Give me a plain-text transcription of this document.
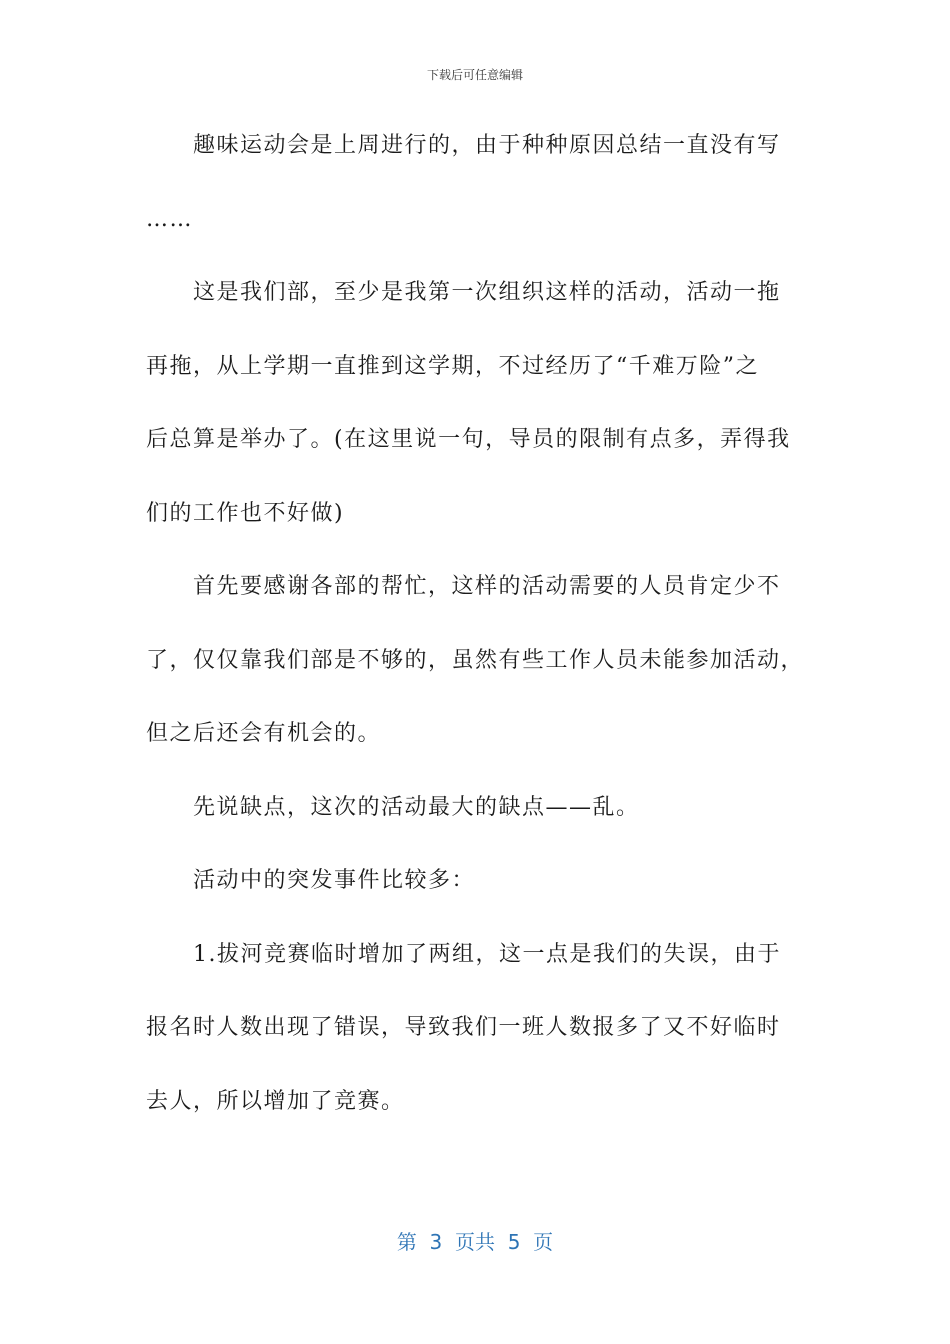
下载后可任意编辑
趣味运动会是上周进行的，由于种种原因总结一直没有写
……
这是我们部，至少是我第一次组织这样的活动，活动一拖
再拖，从上学期一直推到这学期，不过经历了“千难万险”之
后总算是举办了。(在这里说一句，导员的限制有点多，弄得我
们的工作也不好做)
首先要感谢各部的帮忙，这样的活动需要的人员肯定少不
了，仅仅靠我们部是不够的，虽然有些工作人员未能参加活动，
但之后还会有机会的。
先说缺点，这次的活动最大的缺点——乱。
活动中的突发事件比较多：
1.拔河竞赛临时增加了两组，这一点是我们的失误，由于
报名时人数出现了错误，导致我们一班人数报多了又不好临时
去人，所以增加了竞赛。
第  3  页共  5  页
